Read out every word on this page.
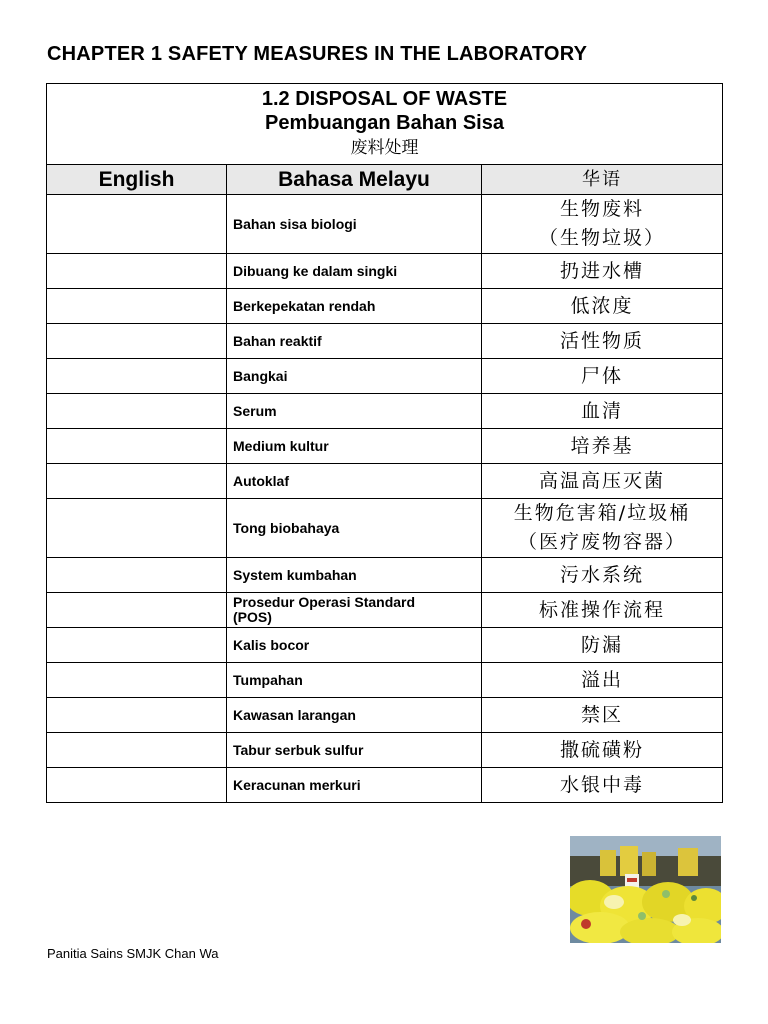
CHAPTER 1 SAFETY MEASURES IN THE LABORATORY
1.2 DISPOSAL OF WASTE
Pembuangan Bahan Sisa
废料处理		

English	Bahasa Melayu	华语
	Bahan sisa biologi	生物废料
（生物垃圾）

	Dibuang ke dalam singki	扔进水槽
	Berkepekatan rendah	低浓度
	Bahan reaktif	活性物质
	Bangkai	尸体
	Serum	血清
	Medium kultur	培养基
	Autoklaf	高温高压灭菌
	Tong biobahaya	生物危害箱/垃圾桶
（医疗废物容器）

	System kumbahan	污水系统

	Prosedur Operasi Standard
(POS)	标准操作流程
	Kalis bocor	防漏
	Tumpahan	溢出
	Kawasan larangan	禁区
	Tabur serbuk sulfur	撒硫磺粉
	Keracunan merkuri	水银中毒
Panitia Sains SMJK Chan Wa
